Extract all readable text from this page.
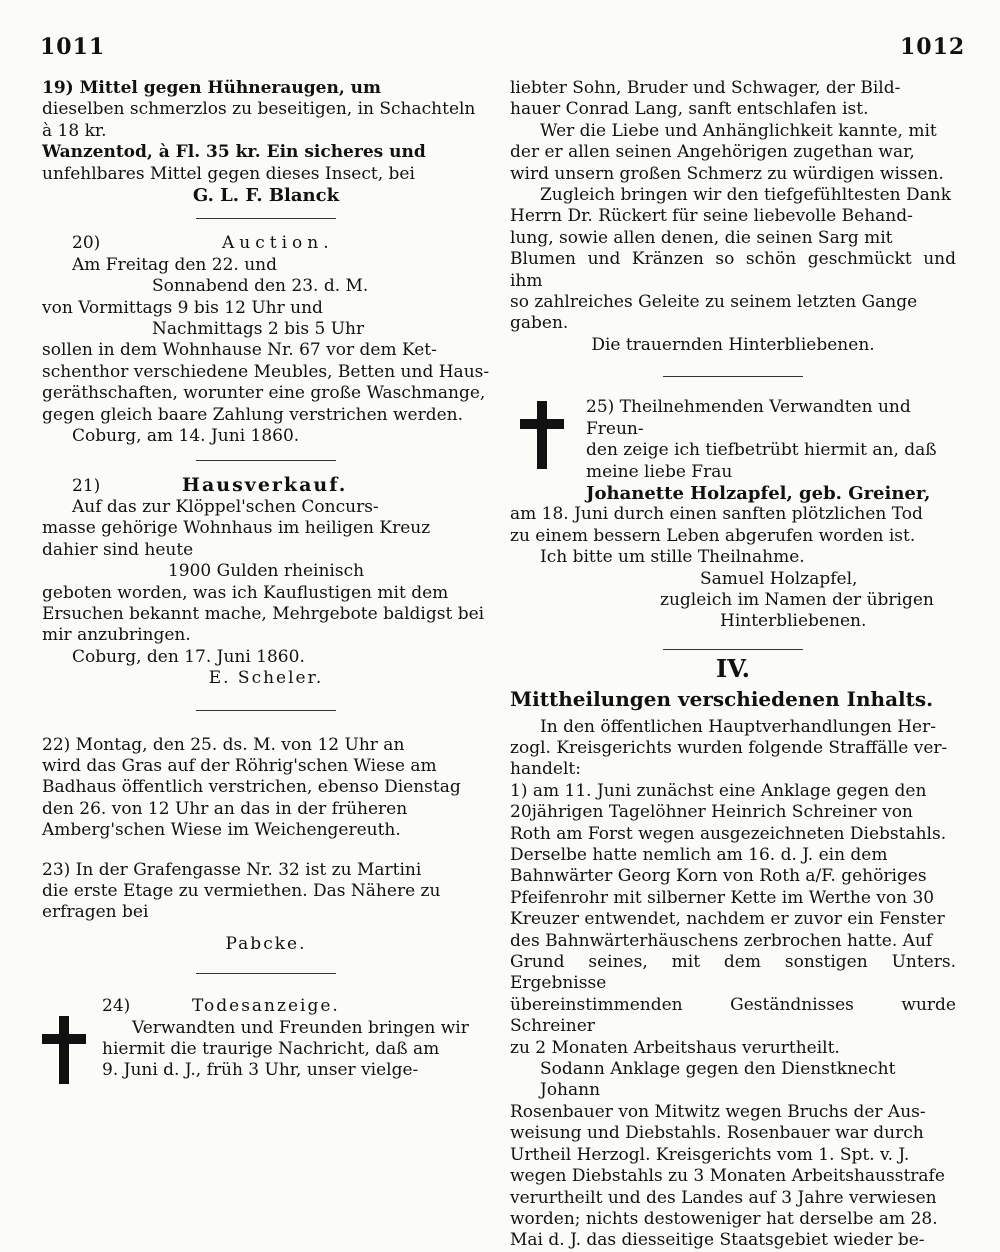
1011	1012

19) Mittel gegen Hühneraugen, um

dieselben schmerzlos zu beseitigen, in Schachteln

à 18 kr.

Wanzentod, à Fl. 35 kr. Ein sicheres und

unfehlbares Mittel gegen dieses Insect, bei

G. L. F. Blanck

20)	Auction.

Am Freitag den 22. und

Sonnabend den 23. d. M.

von Vormittags 9 bis 12 Uhr und

Nachmittags 2 bis 5 Uhr

sollen in dem Wohnhause Nr. 67 vor dem Ket-

schenthor verschiedene Meubles, Betten und Haus-

geräthschaften, worunter eine große Waschmange,

gegen gleich baare Zahlung verstrichen werden.

Coburg, am 14. Juni 1860.

21)	Hausverkauf.

Auf das zur Klöppel'schen Concurs-

masse gehörige Wohnhaus im heiligen Kreuz

dahier sind heute

1900 Gulden rheinisch

geboten worden, was ich Kauflustigen mit dem

Ersuchen bekannt mache, Mehrgebote baldigst bei

mir anzubringen.

Coburg, den 17. Juni 1860.

E. Scheler.

22) Montag, den 25. ds. M. von 12 Uhr an

wird das Gras auf der Röhrig'schen Wiese am

Badhaus öffentlich verstrichen, ebenso Dienstag

den 26. von 12 Uhr an das in der früheren

Amberg'schen Wiese im Weichengereuth.

23) In der Grafengasse Nr. 32 ist zu Martini

die erste Etage zu vermiethen. Das Nähere zu

erfragen bei

Pabcke.

24)	Todesanzeige.

Verwandten und Freunden bringen wir

hiermit die traurige Nachricht, daß am

9. Juni d. J., früh 3 Uhr, unser vielge-

liebter Sohn, Bruder und Schwager, der Bild-

hauer Conrad Lang, sanft entschlafen ist.

Wer die Liebe und Anhänglichkeit kannte, mit

der er allen seinen Angehörigen zugethan war,

wird unsern großen Schmerz zu würdigen wissen.

Zugleich bringen wir den tiefgefühltesten Dank

Herrn Dr. Rückert für seine liebevolle Behand-

lung, sowie allen denen, die seinen Sarg mit

Blumen und Kränzen so schön geschmückt und ihm

so zahlreiches Geleite zu seinem letzten Gange gaben.

Die trauernden Hinterbliebenen.

25) Theilnehmenden Verwandten und Freun-

den zeige ich tiefbetrübt hiermit an, daß

meine liebe Frau

Johanette Holzapfel, geb. Greiner,

am 18. Juni durch einen sanften plötzlichen Tod

zu einem bessern Leben abgerufen worden ist.

Ich bitte um stille Theilnahme.

Samuel Holzapfel,

zugleich im Namen der übrigen

Hinterbliebenen.

IV.
Mittheilungen verschiedenen Inhalts.

In den öffentlichen Hauptverhandlungen Her-

zogl. Kreisgerichts wurden folgende Straffälle ver-

handelt:

1) am 11. Juni zunächst eine Anklage gegen den

20jährigen Tagelöhner Heinrich Schreiner von

Roth am Forst wegen ausgezeichneten Diebstahls.

Derselbe hatte nemlich am 16. d. J. ein dem

Bahnwärter Georg Korn von Roth a/F. gehöriges

Pfeifenrohr mit silberner Kette im Werthe von 30

Kreuzer entwendet, nachdem er zuvor ein Fenster

des Bahnwärterhäuschens zerbrochen hatte. Auf

Grund seines, mit dem sonstigen Unters. Ergebnisse

übereinstimmenden Geständnisses wurde Schreiner

zu 2 Monaten Arbeitshaus verurtheilt.

Sodann Anklage gegen den Dienstknecht Johann

Rosenbauer von Mitwitz wegen Bruchs der Aus-

weisung und Diebstahls. Rosenbauer war durch

Urtheil Herzogl. Kreisgerichts vom 1. Spt. v. J.

wegen Diebstahls zu 3 Monaten Arbeitshausstrafe

verurtheilt und des Landes auf 3 Jahre verwiesen

worden; nichts destoweniger hat derselbe am 28.

Mai d. J. das diesseitige Staatsgebiet wieder be-
